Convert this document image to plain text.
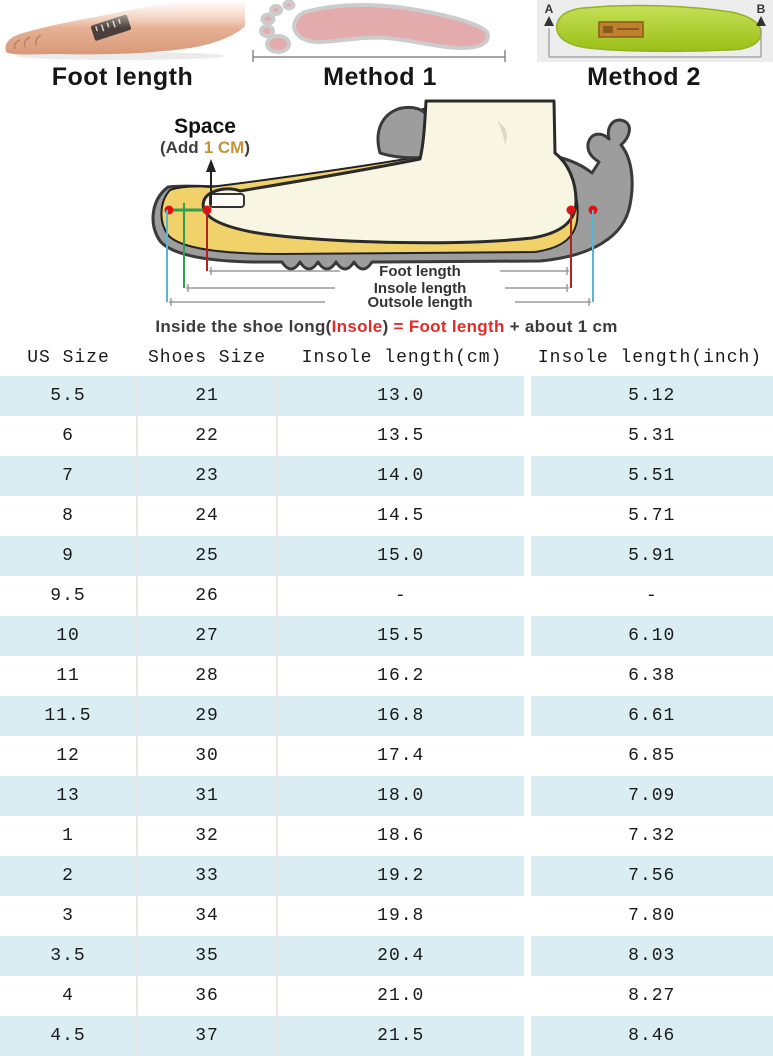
Foot length	Method 1
A	B
Method 2
Space
(Add 1 CM)
Foot length
Insole length
Outsole length
Inside the shoe long( Insole ) = Foot length + about 1 cm
US Size	Shoes Size	Insole length(cm)	Insole length(inch)
5.5	21	13.0	5.12
6	22	13.5	5.31
7	23	14.0	5.51
8	24	14.5	5.71
9	25	15.0	5.91
9.5	26	-	-
10	27	15.5	6.10
11	28	16.2	6.38
11.5	29	16.8	6.61
12	30	17.4	6.85
13	31	18.0	7.09
1	32	18.6	7.32
2	33	19.2	7.56
3	34	19.8	7.80
3.5	35	20.4	8.03
4	36	21.0	8.27
4.5	37	21.5	8.46
